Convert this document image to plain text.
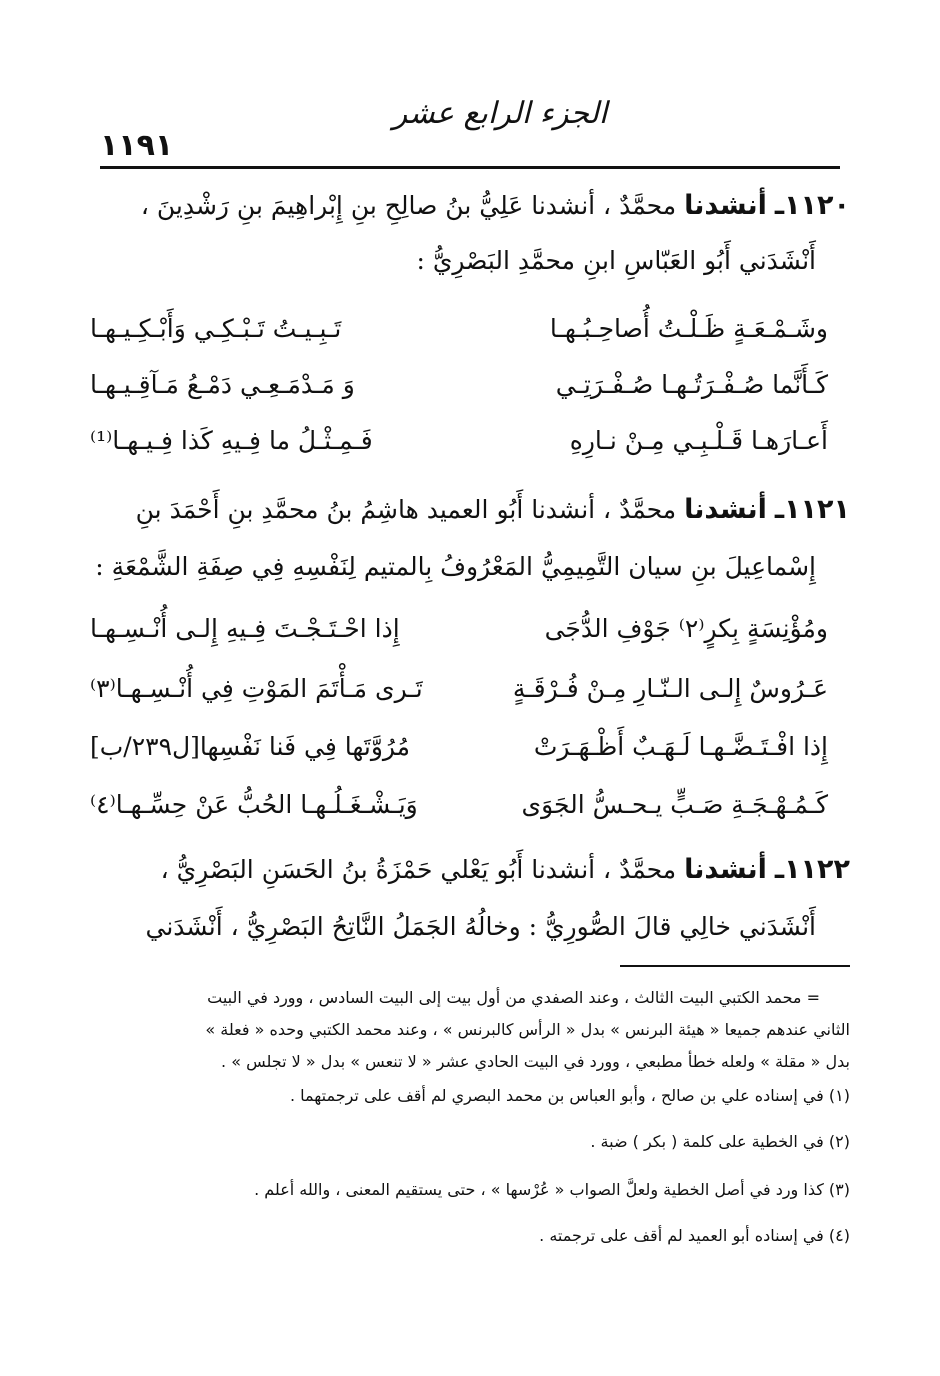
١١٩١
الجزء الرابع عشر
١١٢٠ـ أنشدنا محمَّدٌ ، أنشدنا عَلِيُّ بنُ صالِحِ بنِ إِبْراهِيمَ بنِ رَشْدِينَ ،
أَنْشَدَني أَبُو العَبّاسِ ابنِ محمَّدِ البَصْرِيُّ :
وشَـمْـعَـةٍ ظَـلْـتُ أُصاحِـبُـهـا
تَـبِـيـتُ تَـبْـكِـي وَأَبْـكِـيـهـا
كَـأَنَّما صُـفْـرَتُـهـا صُـفْـرَتِـي
وَ مَـدْمَـعِـي دَمْـعُ مَـآقِـيـهـا
أَعـارَهـا قَـلْـبِـي مِـنْ نـارِهِ
فَـمِـثْـلُ ما فِـيهِ كَذا فِـيـهـا⁽¹⁾
١١٢١ـ أنشدنا محمَّدٌ ، أنشدنا أَبُو العميد هاشِمُ بنُ محمَّدِ بنِ أَحْمَدَ بنِ
إِسْماعِيلَ بنِ سيان التَّمِيمِيُّ المَعْرُوفُ بِالمتيم لِنَفْسِهِ فِي صِفَةِ الشَّمْعَةِ :
ومُؤْنِسَةٍ بِكرٍ⁽٢⁾ جَوْفِ الدُّجَى
إِذا احْـتَـجْـتَ فِـيهِ إِلـى أُنْـسِـهـا
عَـرُوسٌ إِلـى الـنّـارِ مِـنْ فُـرْقَـةٍ
تَـرى مَـأْتَمَ المَوْتِ فِي أُنْـسِـهـا⁽٣⁾
إِذا افْـتَـضَّـهـا لَـهَـبٌ أَظْـهَـرَتْ
مُرُوَّتَها فِي فَنا نَفْسِها[ل٢٣٩/ب]
كَـمُـهْـجَـةِ صَـبٍّ يـحـسُّ الجَوَى
وَيَـشْـغَـلُـهـا الحُبُّ عَنْ حِسِّـهـا⁽٤⁾
١١٢٢ـ أنشدنا محمَّدٌ ، أنشدنا أَبُو يَعْلي حَمْزَةُ بنُ الحَسَنِ البَصْرِيُّ ،
أَنْشَدَني خالِي قالَ الصُّورِيُّ : وخالُهُ الجَمَلُ النَّاتِحُ البَصْرِيُّ ، أَنْشَدَني
= محمد الكتبي البيت الثالث ، وعند الصفدي من أول بيت إلى البيت السادس ، وورد في البيت
الثاني عندهم جميعا « هيئة البرنس » بدل « الرأس كالبرنس » ، وعند محمد الكتبي وحده « فعلة »
بدل « مقلة » ولعله خطأ مطبعي ، وورد في البيت الحادي عشر « لا تنعس » بدل « لا تجلس » .
(١) في إسناده علي بن صالح ، وأبو العباس بن محمد البصري لم أقف على ترجمتهما .
(٢) في الخطية على كلمة ( بكر ) ضبة .
(٣) كذا ورد في أصل الخطية ولعلَّ الصواب « عُرْسها » ، حتى يستقيم المعنى ، والله أعلم .
(٤) في إسناده أبو العميد لم أقف على ترجمته .
